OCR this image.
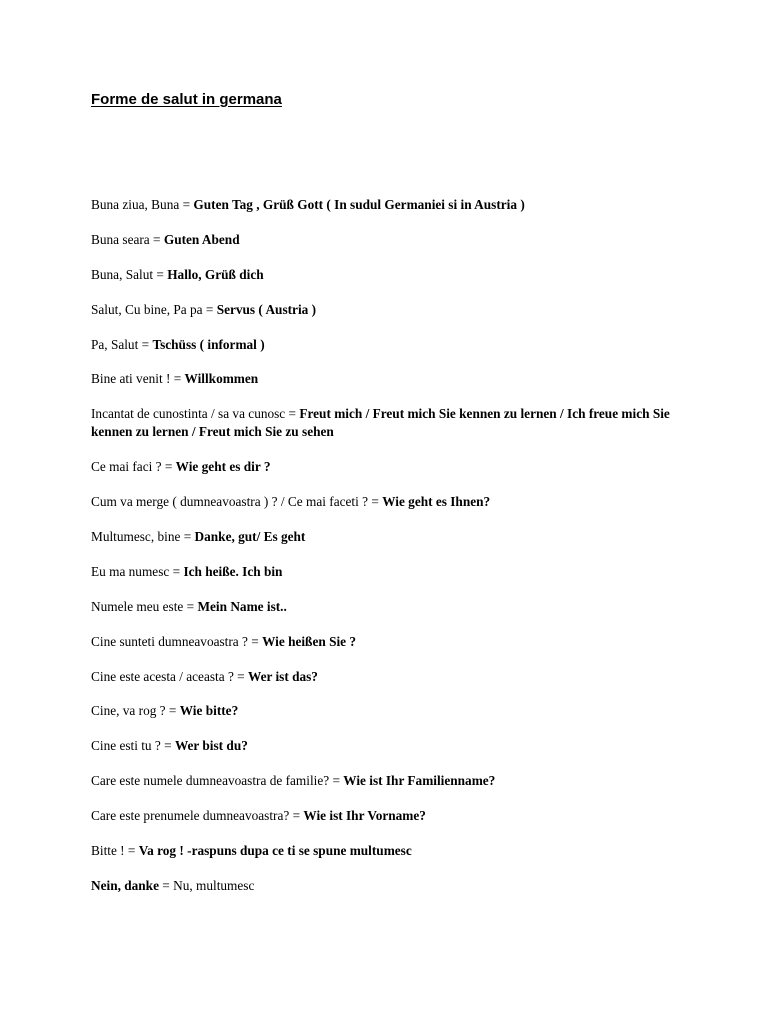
Forme de salut in germana

Buna ziua, Buna = Guten Tag , Grüß Gott ( In sudul Germaniei si in Austria )

Buna seara = Guten Abend

Buna, Salut = Hallo, Grüß dich

Salut, Cu bine, Pa pa = Servus ( Austria )

Pa, Salut = Tschüss ( informal )

Bine ati venit ! = Willkommen

Incantat de cunostinta / sa va cunosc = Freut mich / Freut mich Sie kennen zu lernen / Ich freue mich Sie kennen zu lernen / Freut mich Sie zu sehen

Ce mai faci ? = Wie geht es dir ?

Cum va merge ( dumneavoastra ) ? / Ce mai faceti ? = Wie geht es Ihnen?

Multumesc, bine = Danke, gut/ Es geht

Eu ma numesc = Ich heiße. Ich bin

Numele meu este = Mein Name ist..

Cine sunteti dumneavoastra ? = Wie heißen Sie ?

Cine este acesta / aceasta ? = Wer ist das?

Cine, va rog ? = Wie bitte?

Cine esti tu ? = Wer bist du?

Care este numele dumneavoastra de familie? = Wie ist Ihr Familienname?

Care este prenumele dumneavoastra? = Wie ist Ihr Vorname?

Bitte ! = Va rog ! -raspuns dupa ce ti se spune multumesc

Nein, danke = Nu, multumesc
